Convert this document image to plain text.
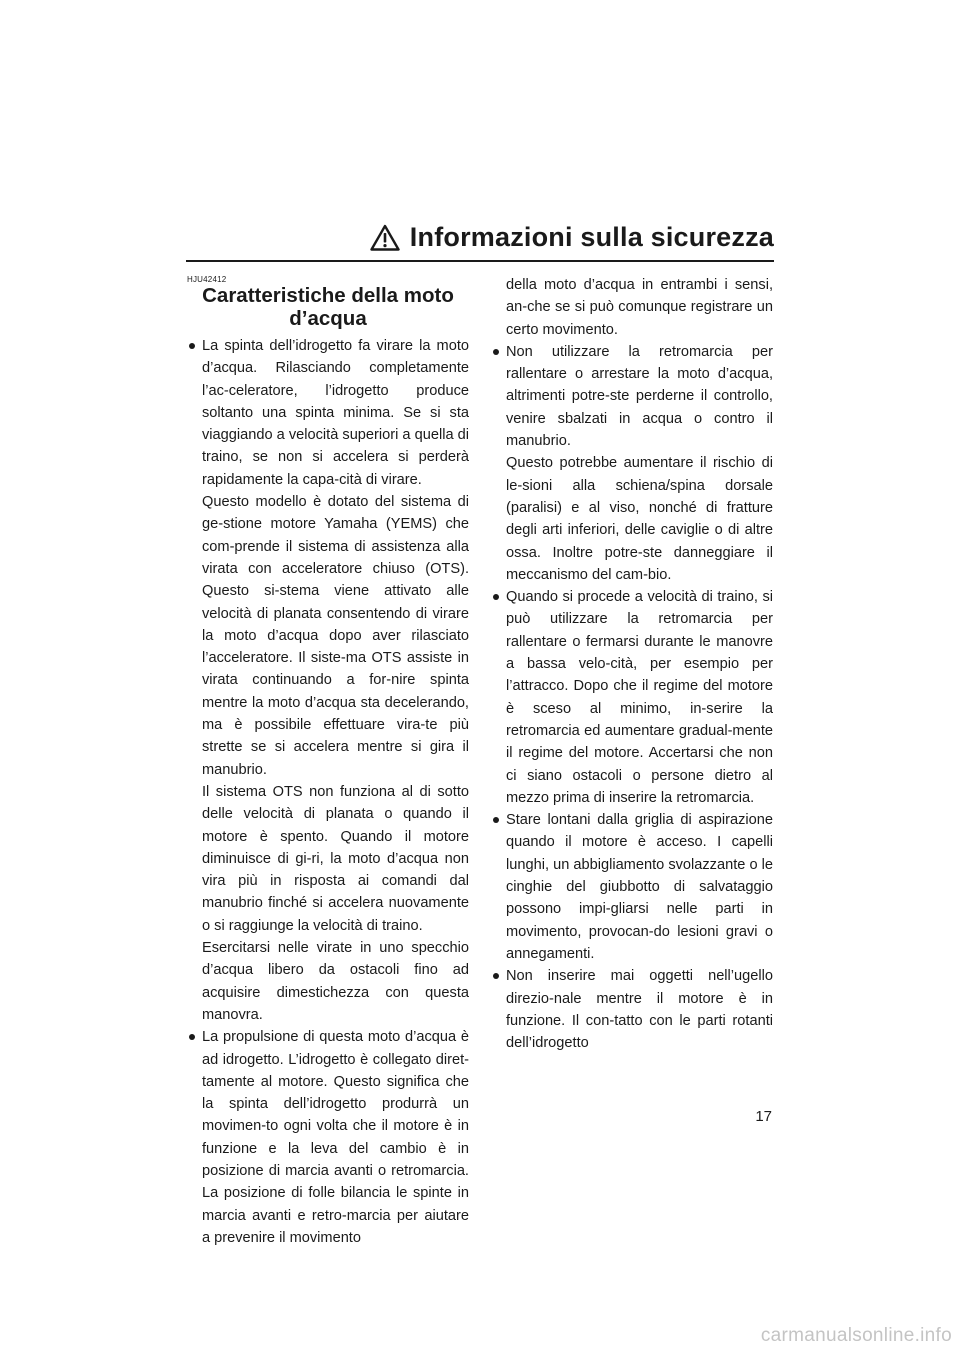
Informazioni sulla sicurezza
HJU42412
Caratteristiche della moto d’acqua

La spinta dell’idrogetto fa virare la moto d’acqua. Rilasciando completamente l’ac-celeratore, l’idrogetto produce soltanto una spinta minima. Se si sta viaggiando a velocità superiori a quella di traino, se non si accelera si perderà rapidamente la capa-cità di virare.

Questo modello è dotato del sistema di ge-stione motore Yamaha (YEMS) che com-prende il sistema di assistenza alla virata con acceleratore chiuso (OTS). Questo si-stema viene attivato alle velocità di planata consentendo di virare la moto d’acqua dopo aver rilasciato l’acceleratore. Il siste-ma OTS assiste in virata continuando a for-nire spinta mentre la moto d’acqua sta decelerando, ma è possibile effettuare vira-te più strette se si accelera mentre si gira il manubrio.

Il sistema OTS non funziona al di sotto delle velocità di planata o quando il motore è spento. Quando il motore diminuisce di gi-ri, la moto d’acqua non vira più in risposta ai comandi dal manubrio finché si accelera nuovamente o si raggiunge la velocità di traino.

Esercitarsi nelle virate in uno specchio d’acqua libero da ostacoli fino ad acquisire dimestichezza con questa manovra.

La propulsione di questa moto d’acqua è ad idrogetto. L’idrogetto è collegato diret-tamente al motore. Questo significa che la spinta dell’idrogetto produrrà un movimen-to ogni volta che il motore è in funzione e la leva del cambio è in posizione di marcia avanti o retromarcia. La posizione di folle bilancia le spinte in marcia avanti e retro-marcia per aiutare a prevenire il movimento

della moto d’acqua in entrambi i sensi, an-che se si può comunque registrare un certo movimento.

Non utilizzare la retromarcia per rallentare o arrestare la moto d’acqua, altrimenti potre-ste perderne il controllo, venire sbalzati in acqua o contro il manubrio.

Questo potrebbe aumentare il rischio di le-sioni alla schiena/spina dorsale (paralisi) e al viso, nonché di fratture degli arti inferiori, delle caviglie o di altre ossa. Inoltre potre-ste danneggiare il meccanismo del cam-bio.

Quando si procede a velocità di traino, si può utilizzare la retromarcia per rallentare o fermarsi durante le manovre a bassa velo-cità, per esempio per l’attracco. Dopo che il regime del motore è sceso al minimo, in-serire la retromarcia ed aumentare gradual-mente il regime del motore. Accertarsi che non ci siano ostacoli o persone dietro al mezzo prima di inserire la retromarcia.

Stare lontani dalla griglia di aspirazione quando il motore è acceso. I capelli lunghi, un abbigliamento svolazzante o le cinghie del giubbotto di salvataggio possono impi-gliarsi nelle parti in movimento, provocan-do lesioni gravi o annegamenti.

Non inserire mai oggetti nell’ugello direzio-nale mentre il motore è in funzione. Il con-tatto con le parti rotanti dell’idrogetto

17
carmanualsonline.info
